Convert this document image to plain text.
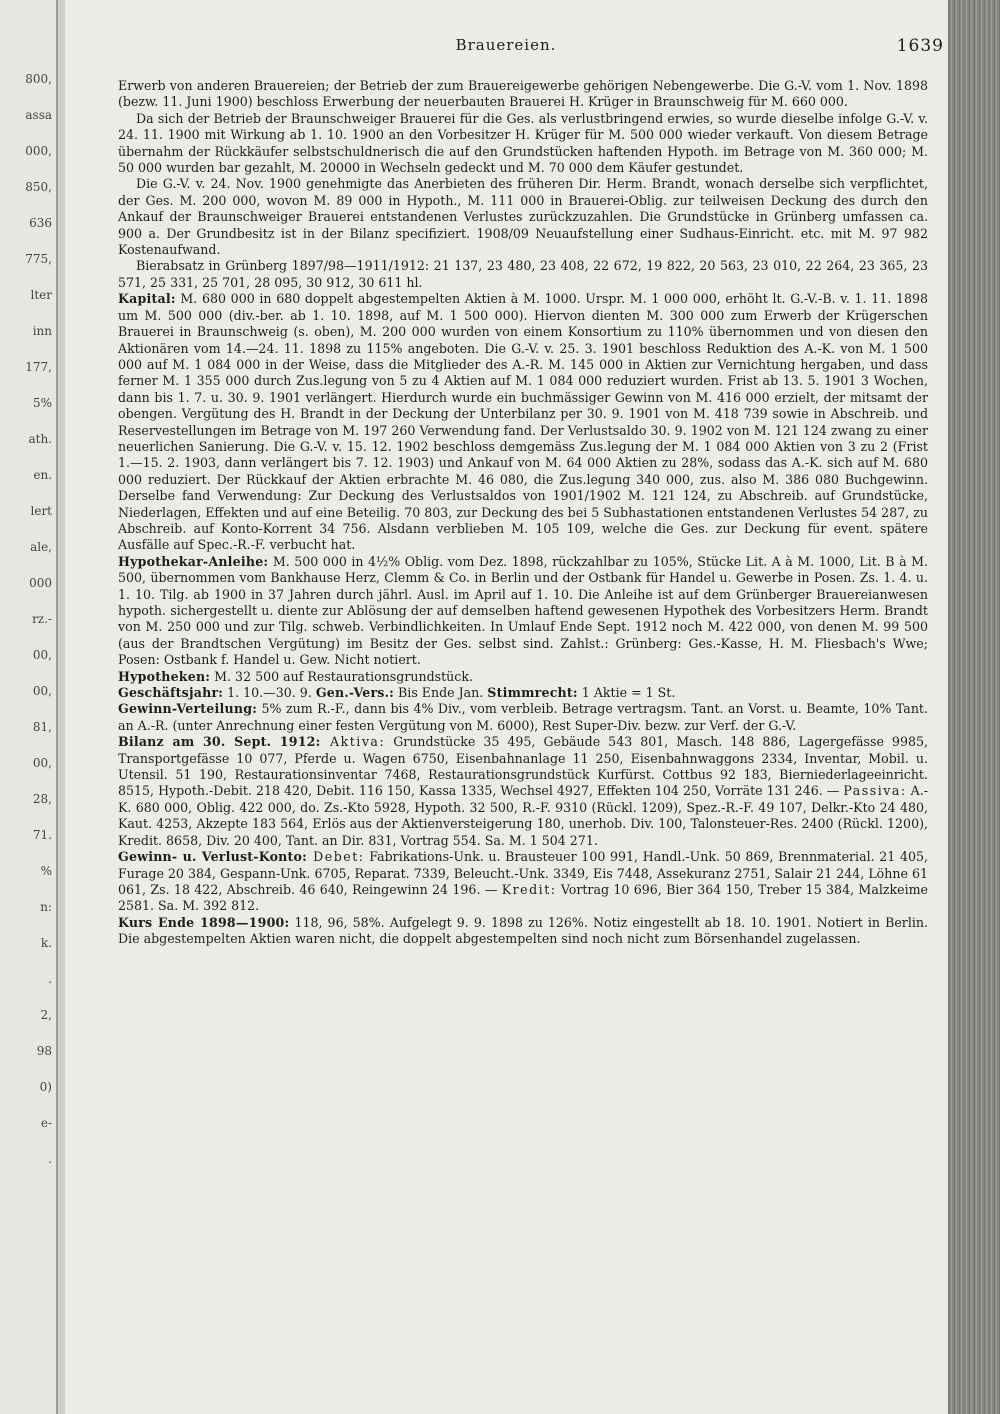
800,
assa
000,
850,
636
775,
lter
inn
177,
5%
ath.
en.
lert
ale,
000
rz.-
00,
00,
81,
00,
28,
71.
%
n:
k.
.
2,
98
0)
e-
.
Brauereien.	1639

Erwerb von anderen Brauereien; der Betrieb der zum Brauereigewerbe gehörigen Nebengewerbe. Die G.-V. vom 1. Nov. 1898 (bezw. 11. Juni 1900) beschloss Erwerbung der neuerbauten Brauerei H. Krüger in Braunschweig für M. 660 000.

Da sich der Betrieb der Braunschweiger Brauerei für die Ges. als verlustbringend erwies, so wurde dieselbe infolge G.-V. v. 24. 11. 1900 mit Wirkung ab 1. 10. 1900 an den Vorbesitzer H. Krüger für M. 500 000 wieder verkauft. Von diesem Betrage übernahm der Rückkäufer selbstschuldnerisch die auf den Grundstücken haftenden Hypoth. im Betrage von M. 360 000; M. 50 000 wurden bar gezahlt, M. 20000 in Wechseln gedeckt und M. 70 000 dem Käufer gestundet.

Die G.-V. v. 24. Nov. 1900 genehmigte das Anerbieten des früheren Dir. Herm. Brandt, wonach derselbe sich verpflichtet, der Ges. M. 200 000, wovon M. 89 000 in Hypoth., M. 111 000 in Brauerei-Oblig. zur teilweisen Deckung des durch den Ankauf der Braunschweiger Brauerei entstandenen Verlustes zurückzuzahlen. Die Grundstücke in Grünberg umfassen ca. 900 a. Der Grundbesitz ist in der Bilanz specifiziert. 1908/09 Neuaufstellung einer Sudhaus-Einricht. etc. mit M. 97 982 Kostenaufwand.

Bierabsatz in Grünberg 1897/98—1911/1912: 21 137, 23 480, 23 408, 22 672, 19 822, 20 563, 23 010, 22 264, 23 365, 23 571, 25 331, 25 701, 28 095, 30 912, 30 611 hl.

Kapital: M. 680 000 in 680 doppelt abgestempelten Aktien à M. 1000. Urspr. M. 1 000 000, erhöht lt. G.-V.-B. v. 1. 11. 1898 um M. 500 000 (div.-ber. ab 1. 10. 1898, auf M. 1 500 000). Hiervon dienten M. 300 000 zum Erwerb der Krügerschen Brauerei in Braunschweig (s. oben), M. 200 000 wurden von einem Konsortium zu 110% übernommen und von diesen den Aktionären vom 14.—24. 11. 1898 zu 115% angeboten. Die G.-V. v. 25. 3. 1901 beschloss Reduktion des A.-K. von M. 1 500 000 auf M. 1 084 000 in der Weise, dass die Mitglieder des A.-R. M. 145 000 in Aktien zur Vernichtung hergaben, und dass ferner M. 1 355 000 durch Zus.legung von 5 zu 4 Aktien auf M. 1 084 000 reduziert wurden. Frist ab 13. 5. 1901 3 Wochen, dann bis 1. 7. u. 30. 9. 1901 verlängert. Hierdurch wurde ein buchmässiger Gewinn von M. 416 000 erzielt, der mitsamt der obengen. Vergütung des H. Brandt in der Deckung der Unterbilanz per 30. 9. 1901 von M. 418 739 sowie in Abschreib. und Reservestellungen im Betrage von M. 197 260 Verwendung fand. Der Verlustsaldo 30. 9. 1902 von M. 121 124 zwang zu einer neuerlichen Sanierung. Die G.-V. v. 15. 12. 1902 beschloss demgemäss Zus.legung der M. 1 084 000 Aktien von 3 zu 2 (Frist 1.—15. 2. 1903, dann verlängert bis 7. 12. 1903) und Ankauf von M. 64 000 Aktien zu 28%, sodass das A.-K. sich auf M. 680 000 reduziert. Der Rückkauf der Aktien erbrachte M. 46 080, die Zus.legung 340 000, zus. also M. 386 080 Buchgewinn. Derselbe fand Verwendung: Zur Deckung des Verlustsaldos von 1901/1902 M. 121 124, zu Abschreib. auf Grundstücke, Niederlagen, Effekten und auf eine Beteilig. 70 803, zur Deckung des bei 5 Subhastationen entstandenen Verlustes 54 287, zu Abschreib. auf Konto-Korrent 34 756. Alsdann verblieben M. 105 109, welche die Ges. zur Deckung für event. spätere Ausfälle auf Spec.-R.-F. verbucht hat.

Hypothekar-Anleihe: M. 500 000 in 4½% Oblig. vom Dez. 1898, rückzahlbar zu 105%, Stücke Lit. A à M. 1000, Lit. B à M. 500, übernommen vom Bankhause Herz, Clemm & Co. in Berlin und der Ostbank für Handel u. Gewerbe in Posen. Zs. 1. 4. u. 1. 10. Tilg. ab 1900 in 37 Jahren durch jährl. Ausl. im April auf 1. 10. Die Anleihe ist auf dem Grünberger Brauereianwesen hypoth. sichergestellt u. diente zur Ablösung der auf demselben haftend gewesenen Hypothek des Vorbesitzers Herm. Brandt von M. 250 000 und zur Tilg. schweb. Verbindlichkeiten. In Umlauf Ende Sept. 1912 noch M. 422 000, von denen M. 99 500 (aus der Brandtschen Vergütung) im Besitz der Ges. selbst sind. Zahlst.: Grünberg: Ges.-Kasse, H. M. Fliesbach's Wwe; Posen: Ostbank f. Handel u. Gew. Nicht notiert.

Hypotheken: M. 32 500 auf Restaurationsgrundstück.

Geschäftsjahr: 1. 10.—30. 9. Gen.-Vers.: Bis Ende Jan. Stimmrecht: 1 Aktie = 1 St.

Gewinn-Verteilung: 5% zum R.-F., dann bis 4% Div., vom verbleib. Betrage vertragsm. Tant. an Vorst. u. Beamte, 10% Tant. an A.-R. (unter Anrechnung einer festen Vergütung von M. 6000), Rest Super-Div. bezw. zur Verf. der G.-V.

Bilanz am 30. Sept. 1912: Aktiva: Grundstücke 35 495, Gebäude 543 801, Masch. 148 886, Lagergefässe 9985, Transportgefässe 10 077, Pferde u. Wagen 6750, Eisenbahnanlage 11 250, Eisenbahnwaggons 2334, Inventar, Mobil. u. Utensil. 51 190, Restaurationsinventar 7468, Restaurationsgrundstück Kurfürst. Cottbus 92 183, Bierniederlageeinricht. 8515, Hypoth.-Debit. 218 420, Debit. 116 150, Kassa 1335, Wechsel 4927, Effekten 104 250, Vorräte 131 246. — Passiva: A.-K. 680 000, Oblig. 422 000, do. Zs.-Kto 5928, Hypoth. 32 500, R.-F. 9310 (Rückl. 1209), Spez.-R.-F. 49 107, Delkr.-Kto 24 480, Kaut. 4253, Akzepte 183 564, Erlös aus der Aktienversteigerung 180, unerhob. Div. 100, Talonsteuer-Res. 2400 (Rückl. 1200), Kredit. 8658, Div. 20 400, Tant. an Dir. 831, Vortrag 554. Sa. M. 1 504 271.

Gewinn- u. Verlust-Konto: Debet: Fabrikations-Unk. u. Brausteuer 100 991, Handl.-Unk. 50 869, Brennmaterial. 21 405, Furage 20 384, Gespann-Unk. 6705, Reparat. 7339, Beleucht.-Unk. 3349, Eis 7448, Assekuranz 2751, Salair 21 244, Löhne 61 061, Zs. 18 422, Abschreib. 46 640, Reingewinn 24 196. — Kredit: Vortrag 10 696, Bier 364 150, Treber 15 384, Malzkeime 2581. Sa. M. 392 812.

Kurs Ende 1898—1900: 118, 96, 58%. Aufgelegt 9. 9. 1898 zu 126%. Notiz eingestellt ab 18. 10. 1901. Notiert in Berlin. Die abgestempelten Aktien waren nicht, die doppelt abgestempelten sind noch nicht zum Börsenhandel zugelassen.
